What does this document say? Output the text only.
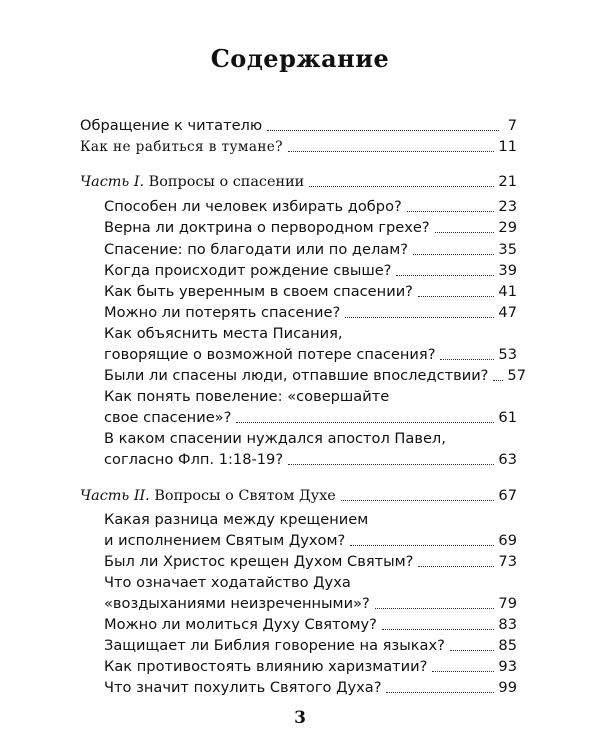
Содержание
Обращение к читателю	7
Как не рабиться в тумане?	11
Часть I. Вопросы о спасении	21
Способен ли человек избирать добро?	23
Верна ли доктрина о первородном грехе?	29
Спасение: по благодати или по делам?	35
Когда происходит рождение свыше?	39
Как быть уверенным в своем спасении?	41
Можно ли потерять спасение?	47
Как объяснить места Писания,
говорящие о возможной потере спасения?	53
Были ли спасены люди, отпавшие впоследствии? 57
Как понять повеление: «совершайте
свое спасение»?	61
В каком спасении нуждался апостол Павел,
согласно Флп. 1:18-19?	63
Часть II. Вопросы о Святом Духе	67
Какая разница между крещением
и исполнением Святым Духом?	69
Был ли Христос крещен Духом Святым?	73
Что означает ходатайство Духа
«воздыханиями неизреченными»?	79
Можно ли молиться Духу Святому?	83
Защищает ли Библия говорение на языках?	85
Как противостоять влиянию харизматии?	93
Что значит похулить Святого Духа?	99
3
